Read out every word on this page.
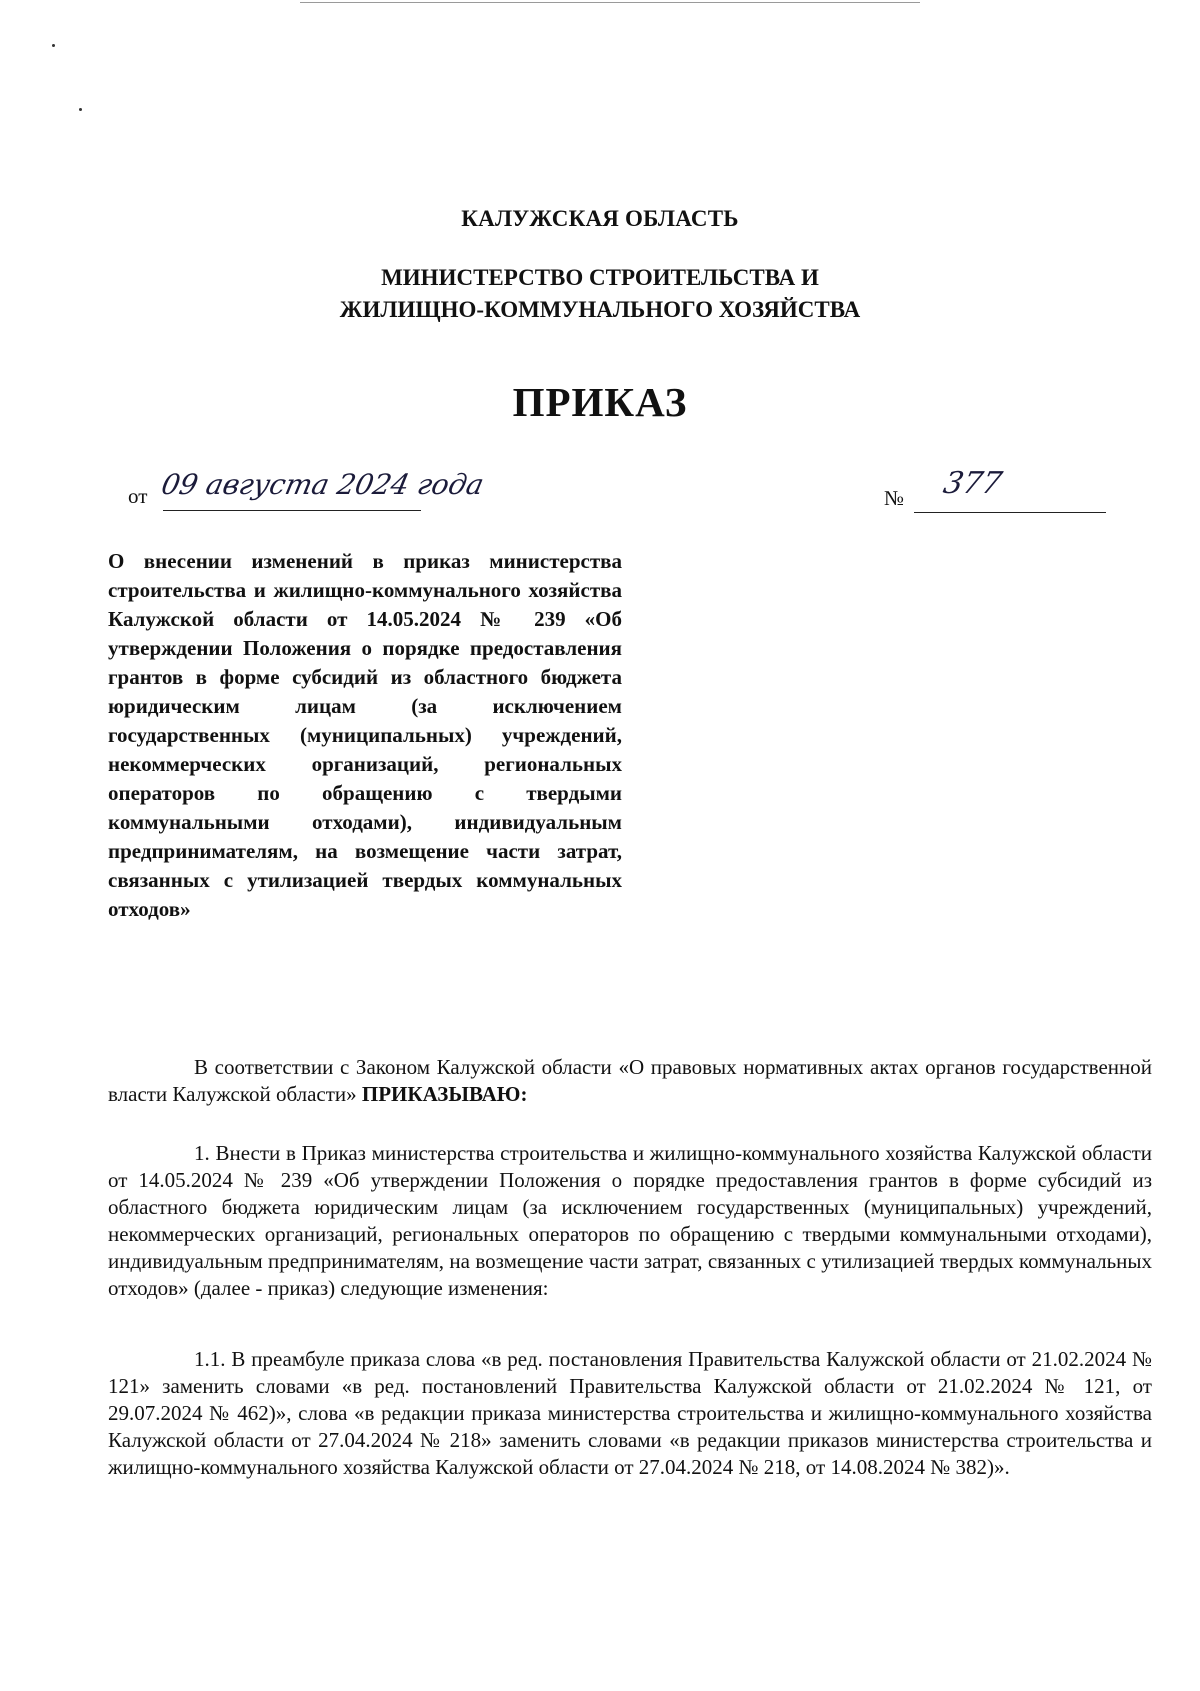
КАЛУЖСКАЯ ОБЛАСТЬ
МИНИСТЕРСТВО СТРОИТЕЛЬСТВА И
ЖИЛИЩНО-КОММУНАЛЬНОГО ХОЗЯЙСТВА
ПРИКАЗ
от 09 августа 2024 года	№ 377
О внесении изменений в приказ министерства строительства и жилищно-коммунального хозяйства Калужской области от 14.05.2024 № 239 «Об утверждении Положения о порядке предоставления грантов в форме субсидий из областного бюджета юридическим лицам (за исключением государственных (муниципальных) учреждений, некоммерческих организаций, региональных операторов по обращению с твердыми коммунальными отходами), индивидуальным предпринимателям, на возмещение части затрат, связанных с утилизацией твердых коммунальных отходов»
В соответствии с Законом Калужской области «О правовых нормативных актах органов государственной власти Калужской области» ПРИКАЗЫВАЮ:
1. Внести в Приказ министерства строительства и жилищно-коммунального хозяйства Калужской области от 14.05.2024 № 239 «Об утверждении Положения о порядке предоставления грантов в форме субсидий из областного бюджета юридическим лицам (за исключением государственных (муниципальных) учреждений, некоммерческих организаций, региональных операторов по обращению с твердыми коммунальными отходами), индивидуальным предпринимателям, на возмещение части затрат, связанных с утилизацией твердых коммунальных отходов» (далее - приказ) следующие изменения:
1.1. В преамбуле приказа слова «в ред. постановления Правительства Калужской области от 21.02.2024 № 121» заменить словами «в ред. постановлений Правительства Калужской области от 21.02.2024 № 121, от 29.07.2024 № 462)», слова «в редакции приказа министерства строительства и жилищно-коммунального хозяйства Калужской области от 27.04.2024 № 218» заменить словами «в редакции приказов министерства строительства и жилищно-коммунального хозяйства Калужской области от 27.04.2024 № 218, от 14.08.2024 № 382)».
